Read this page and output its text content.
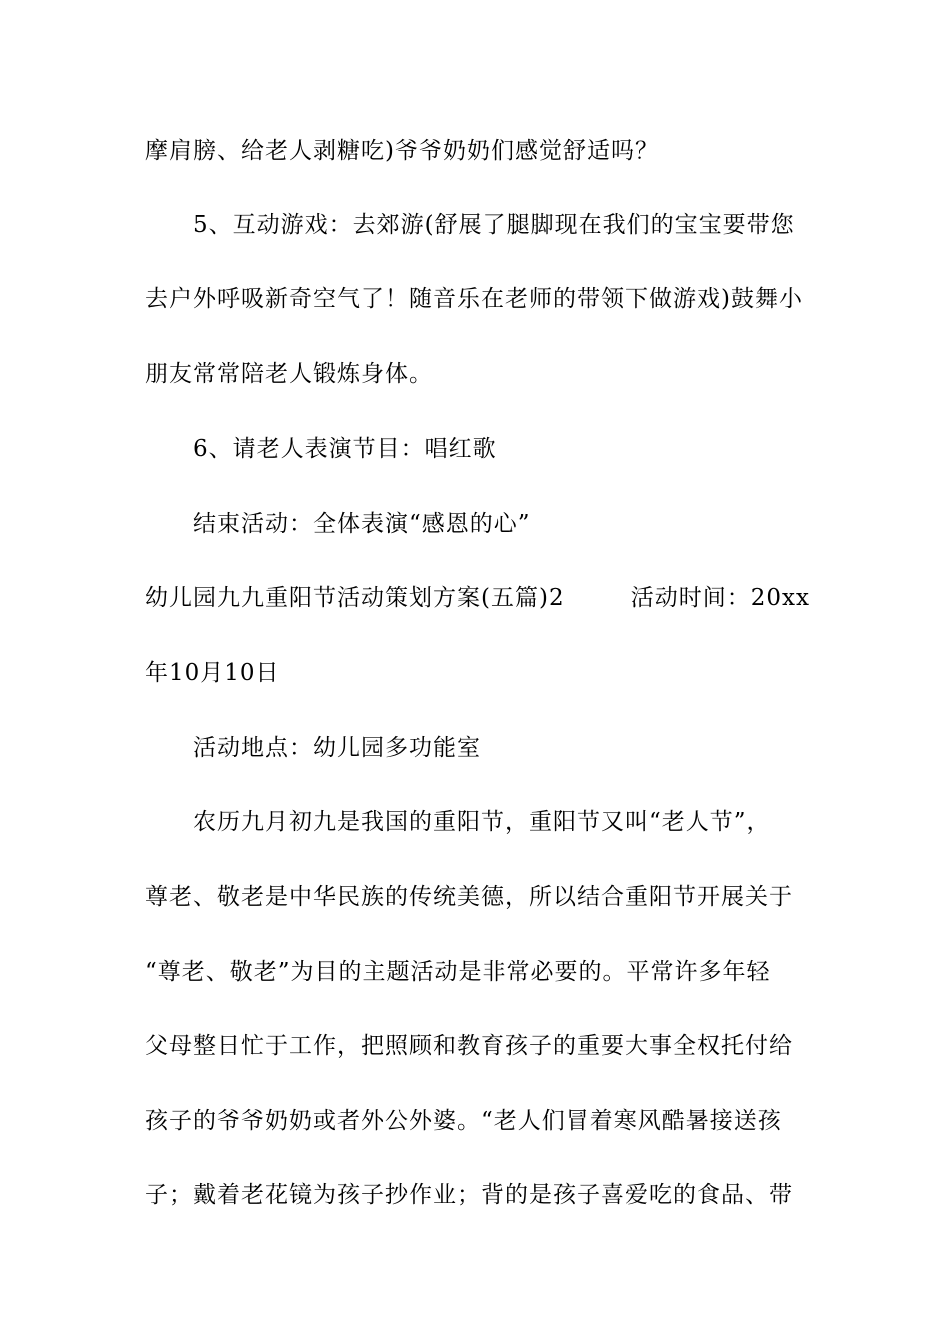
摩肩膀、给老人剥糖吃)爷爷奶奶们感觉舒适吗？
5、互动游戏：去郊游(舒展了腿脚现在我们的宝宝要带您
去户外呼吸新奇空气了！随音乐在老师的带领下做游戏)鼓舞小
朋友常常陪老人锻炼身体。
6、请老人表演节目：唱红歌
结束活动：全体表演“感恩的心”
幼儿园九九重阳节活动策划方案(五篇)2	活动时间：20xx
年10月10日
活动地点：幼儿园多功能室
农历九月初九是我国的重阳节，重阳节又叫“老人节”，
尊老、敬老是中华民族的传统美德，所以结合重阳节开展关于
“尊老、敬老”为目的主题活动是非常必要的。平常许多年轻
父母整日忙于工作，把照顾和教育孩子的重要大事全权托付给
孩子的爷爷奶奶或者外公外婆。“老人们冒着寒风酷暑接送孩
子；戴着老花镜为孩子抄作业；背的是孩子喜爱吃的食品、带
